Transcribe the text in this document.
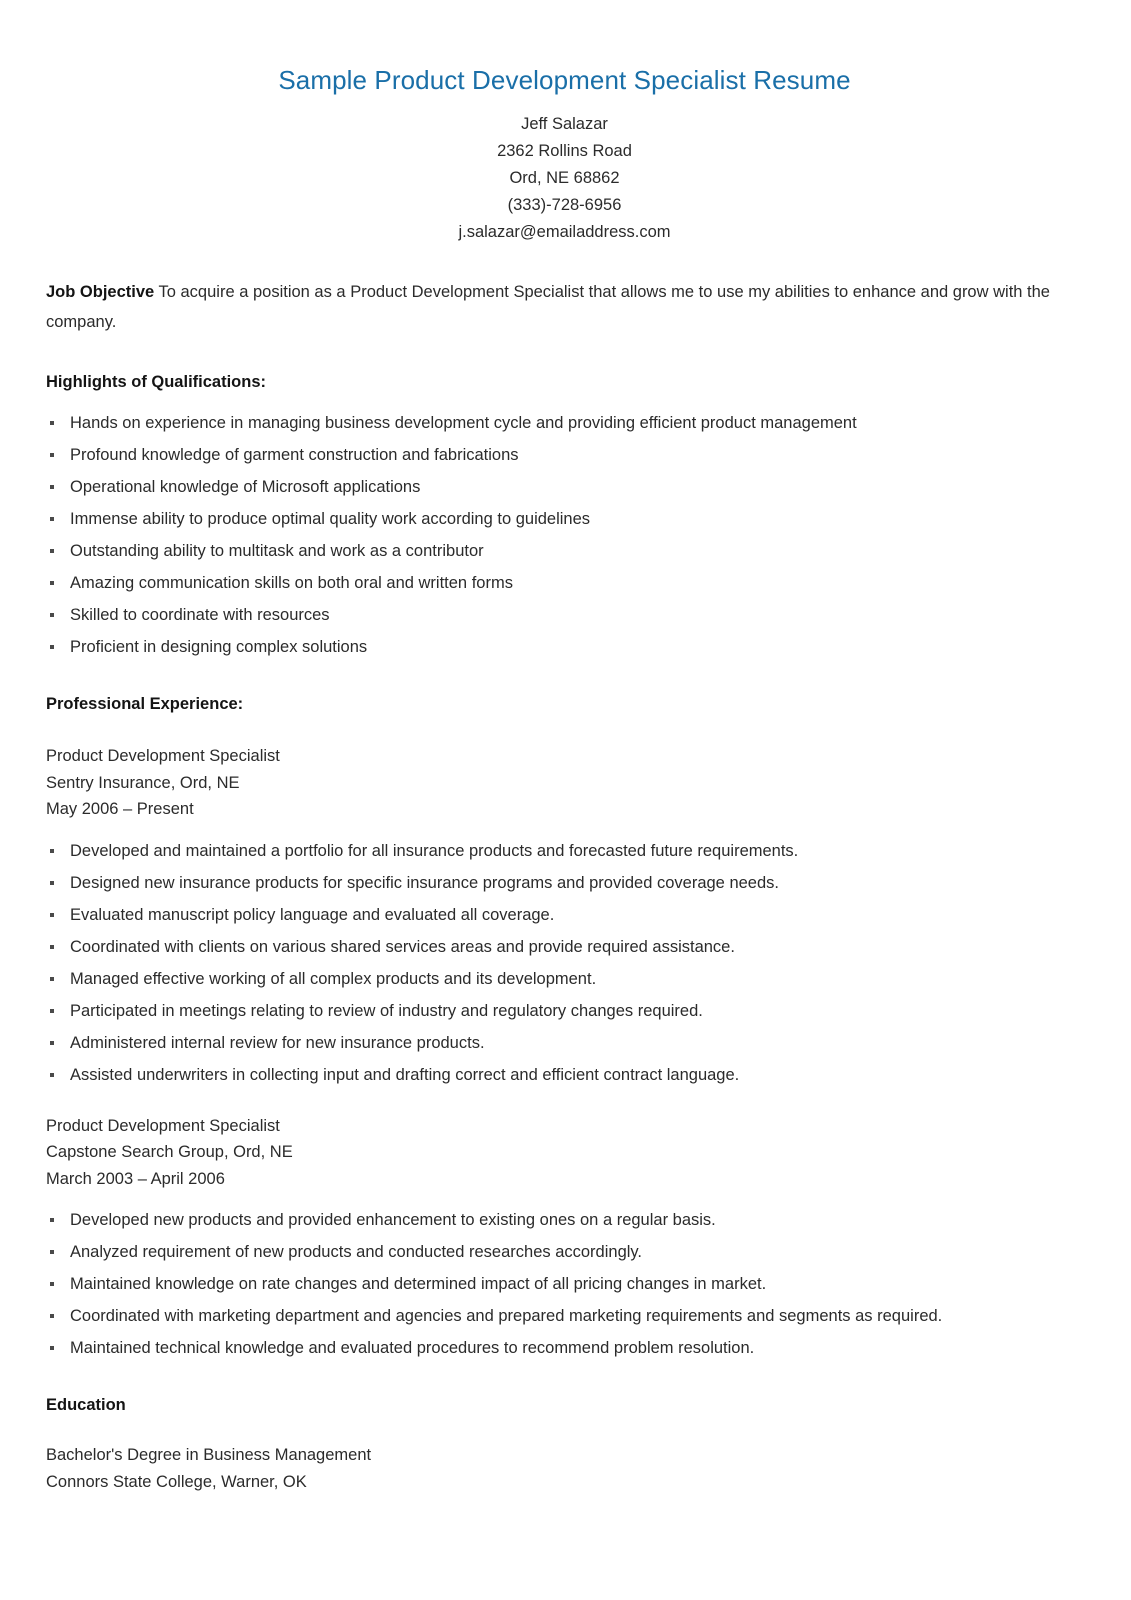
Sample Product Development Specialist Resume
Jeff Salazar
2362 Rollins Road
Ord, NE 68862
(333)-728-6956
j.salazar@emailaddress.com

Job Objective To acquire a position as a Product Development Specialist that allows me to use my abilities to enhance and grow with the company.

Highlights of Qualifications:
Hands on experience in managing business development cycle and providing efficient product management
Profound knowledge of garment construction and fabrications
Operational knowledge of Microsoft applications
Immense ability to produce optimal quality work according to guidelines
Outstanding ability to multitask and work as a contributor
Amazing communication skills on both oral and written forms
Skilled to coordinate with resources
Proficient in designing complex solutions
Professional Experience:
Product Development Specialist
Sentry Insurance, Ord, NE
May 2006 – Present
Developed and maintained a portfolio for all insurance products and forecasted future requirements.
Designed new insurance products for specific insurance programs and provided coverage needs.
Evaluated manuscript policy language and evaluated all coverage.
Coordinated with clients on various shared services areas and provide required assistance.
Managed effective working of all complex products and its development.
Participated in meetings relating to review of industry and regulatory changes required.
Administered internal review for new insurance products.
Assisted underwriters in collecting input and drafting correct and efficient contract language.
Product Development Specialist
Capstone Search Group, Ord, NE
March 2003 – April 2006
Developed new products and provided enhancement to existing ones on a regular basis.
Analyzed requirement of new products and conducted researches accordingly.
Maintained knowledge on rate changes and determined impact of all pricing changes in market.
Coordinated with marketing department and agencies and prepared marketing requirements and segments as required.
Maintained technical knowledge and evaluated procedures to recommend problem resolution.
Education
Bachelor's Degree in Business Management
Connors State College, Warner, OK
